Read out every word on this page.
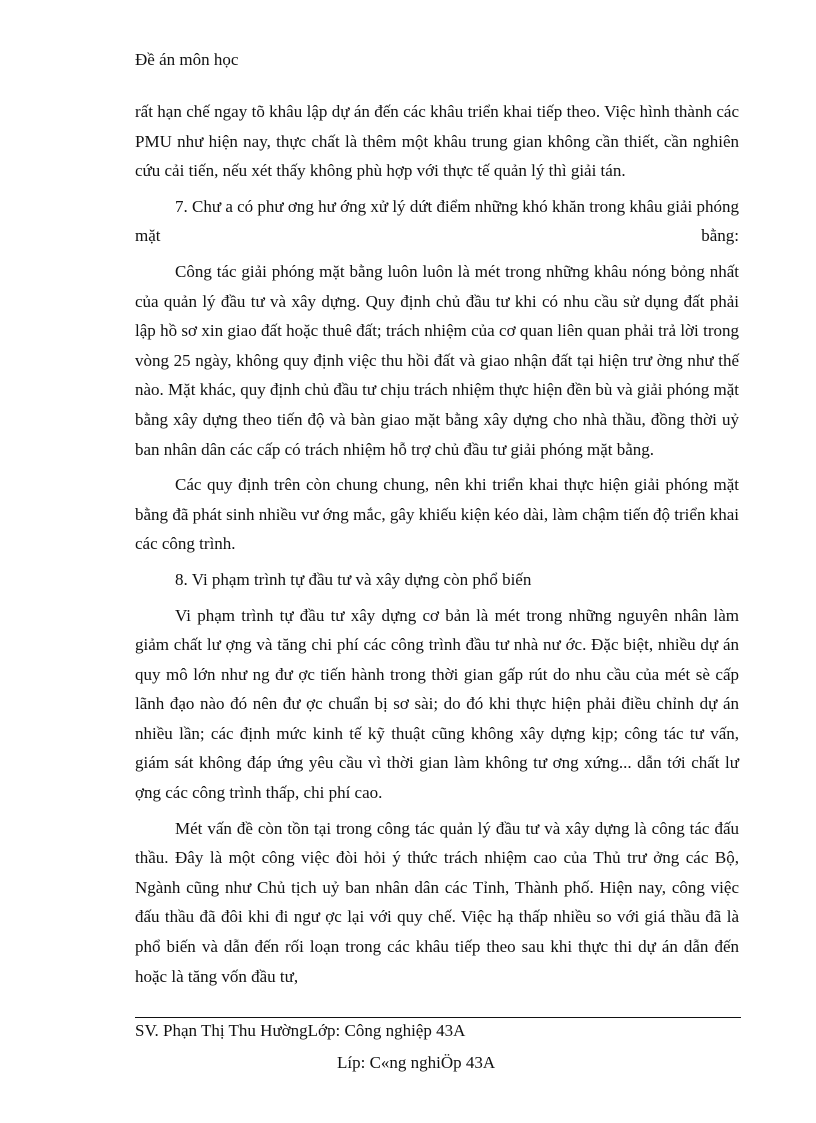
Đề án môn học

rất hạn chế ngay tõ khâu lập dự án đến các khâu triển khai tiếp theo. Việc hình thành các PMU như hiện nay, thực chất là thêm một khâu trung gian không cần thiết, cần nghiên cứu cải tiến, nếu xét thấy không phù hợp với thực tế quản lý thì giải tán.

7. Chư a có phư ơng hư ớng xử lý dứt điểm những khó khăn trong khâu giải phóng mặt bằng:

Công tác giải phóng mặt bằng luôn luôn là mét trong những khâu nóng bỏng nhất của quản lý đầu tư và xây dựng. Quy định chủ đầu tư khi có nhu cầu sử dụng đất phải lập hồ sơ xin giao đất hoặc thuê đất; trách nhiệm của cơ quan liên quan phải trả lời trong vòng 25 ngày, không quy định việc thu hồi đất và giao nhận đất tại hiện trư ờng như thế nào. Mặt khác, quy định chủ đầu tư chịu trách nhiệm thực hiện đền bù và giải phóng mặt bằng xây dựng theo tiến độ và bàn giao mặt bằng xây dựng cho nhà thầu, đồng thời uỷ ban nhân dân các cấp có trách nhiệm hỗ trợ chủ đầu tư giải phóng mặt bằng.

Các quy định trên còn chung chung, nên khi triển khai thực hiện giải phóng mặt bằng đã phát sinh nhiều vư ớng mắc, gây khiếu kiện kéo dài, làm chậm tiến độ triển khai các công trình.

8. Vi phạm trình tự đầu tư và xây dựng còn phổ biến

Vi phạm trình tự đầu tư xây dựng cơ bản là mét trong những nguyên nhân làm giảm chất lư ợng và tăng chi phí các công trình đầu tư nhà nư ớc. Đặc biệt, nhiều dự án quy mô lớn như ng đư ợc tiến hành trong thời gian gấp rút do nhu cầu của mét sè cấp lãnh đạo nào đó nên đư ợc chuẩn bị sơ sài; do đó khi thực hiện phải điều chỉnh dự án nhiều lần; các định mức kinh tế kỹ thuật cũng không xây dựng kịp; công tác tư vấn, giám sát không đáp ứng yêu cầu vì thời gian làm không tư ơng xứng... dẫn tới chất lư ợng các công trình thấp, chi phí cao.

Mét vấn đề còn tồn tại trong công tác quản lý đầu tư và xây dựng là công tác đấu thầu. Đây là một công việc đòi hỏi ý thức trách nhiệm cao của Thủ trư ởng các Bộ, Ngành cũng như Chủ tịch uỷ ban nhân dân các Tỉnh, Thành phố. Hiện nay, công việc đấu thầu đã đôi khi đi ngư ợc lại với quy chế. Việc hạ thấp nhiều so với giá thầu đã là phổ biến và dẫn đến rối loạn trong các khâu tiếp theo sau khi thực thi dự án dẫn đến hoặc là tăng vốn đầu tư,

SV. Phạn Thị Thu HườngLớp: Công nghiệp 43A
Líp: C«ng nghiÖp 43A
